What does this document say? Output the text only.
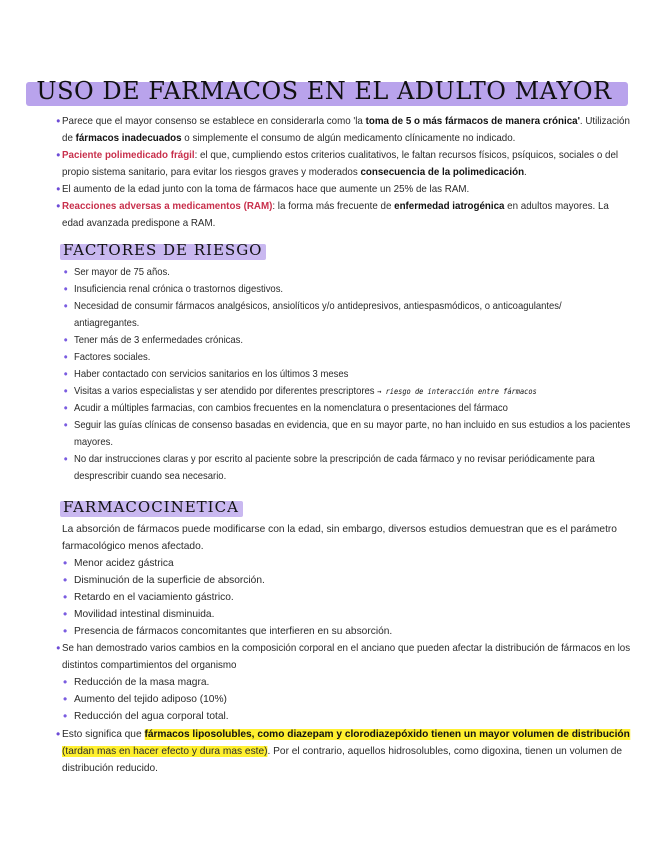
USO DE FARMACOS EN EL ADULTO MAYOR
• Parece que el mayor consenso se establece en considerarla como 'la toma de 5 o más fármacos de manera crónica'. Utilización
de fármacos inadecuados o simplemente el consumo de algún medicamento clínicamente no indicado.
• Paciente polimedicado frágil: el que, cumpliendo estos criterios cualitativos, le faltan recursos físicos, psíquicos, sociales o del
propio sistema sanitario, para evitar los riesgos graves y moderados consecuencia de la polimedicación.
• El aumento de la edad junto con la toma de fármacos hace que aumente un 25% de las RAM.
• Reacciones adversas a medicamentos (RAM): la forma más frecuente de enfermedad iatrogénica en adultos mayores. La
edad avanzada predispone a RAM.
FACTORES DE RIESGO
• Ser mayor de 75 años.
• Insuficiencia renal crónica o trastornos digestivos.
• Necesidad de consumir fármacos analgésicos, ansiolíticos y/o antidepresivos, antiespasmódicos, o anticoagulantes/
antiagregantes.
• Tener más de 3 enfermedades crónicas.
• Factores sociales.
• Haber contactado con servicios sanitarios en los últimos 3 meses
• Visitas a varios especialistas y ser atendido por diferentes prescriptores → riesgo de interacción entre fármacos
• Acudir a múltiples farmacias, con cambios frecuentes en la nomenclatura o presentaciones del fármaco
• Seguir las guías clínicas de consenso basadas en evidencia, que en su mayor parte, no han incluido en sus estudios a los pacientes
mayores.
• No dar instrucciones claras y por escrito al paciente sobre la prescripción de cada fármaco y no revisar periódicamente para
desprescribir cuando sea necesario.
FARMACOCINETICA
La absorción de fármacos puede modificarse con la edad, sin embargo, diversos estudios demuestran que es el parámetro
farmacológico menos afectado.
• Menor acidez gástrica
• Disminución de la superficie de absorción.
• Retardo en el vaciamiento gástrico.
• Movilidad intestinal disminuida.
• Presencia de fármacos concomitantes que interfieren en su absorción.
• Se han demostrado varios cambios en la composición corporal en el anciano que pueden afectar la distribución de fármacos en los
distintos compartimientos del organismo
• Reducción de la masa magra.
• Aumento del tejido adiposo (10%)
• Reducción del agua corporal total.
• Esto significa que fármacos liposolubles, como diazepam y clorodiazepóxido tienen un mayor volumen de distribución
(tardan mas en hacer efecto y dura mas este). Por el contrario, aquellos hidrosolubles, como digoxina, tienen un volumen de
distribución reducido.
